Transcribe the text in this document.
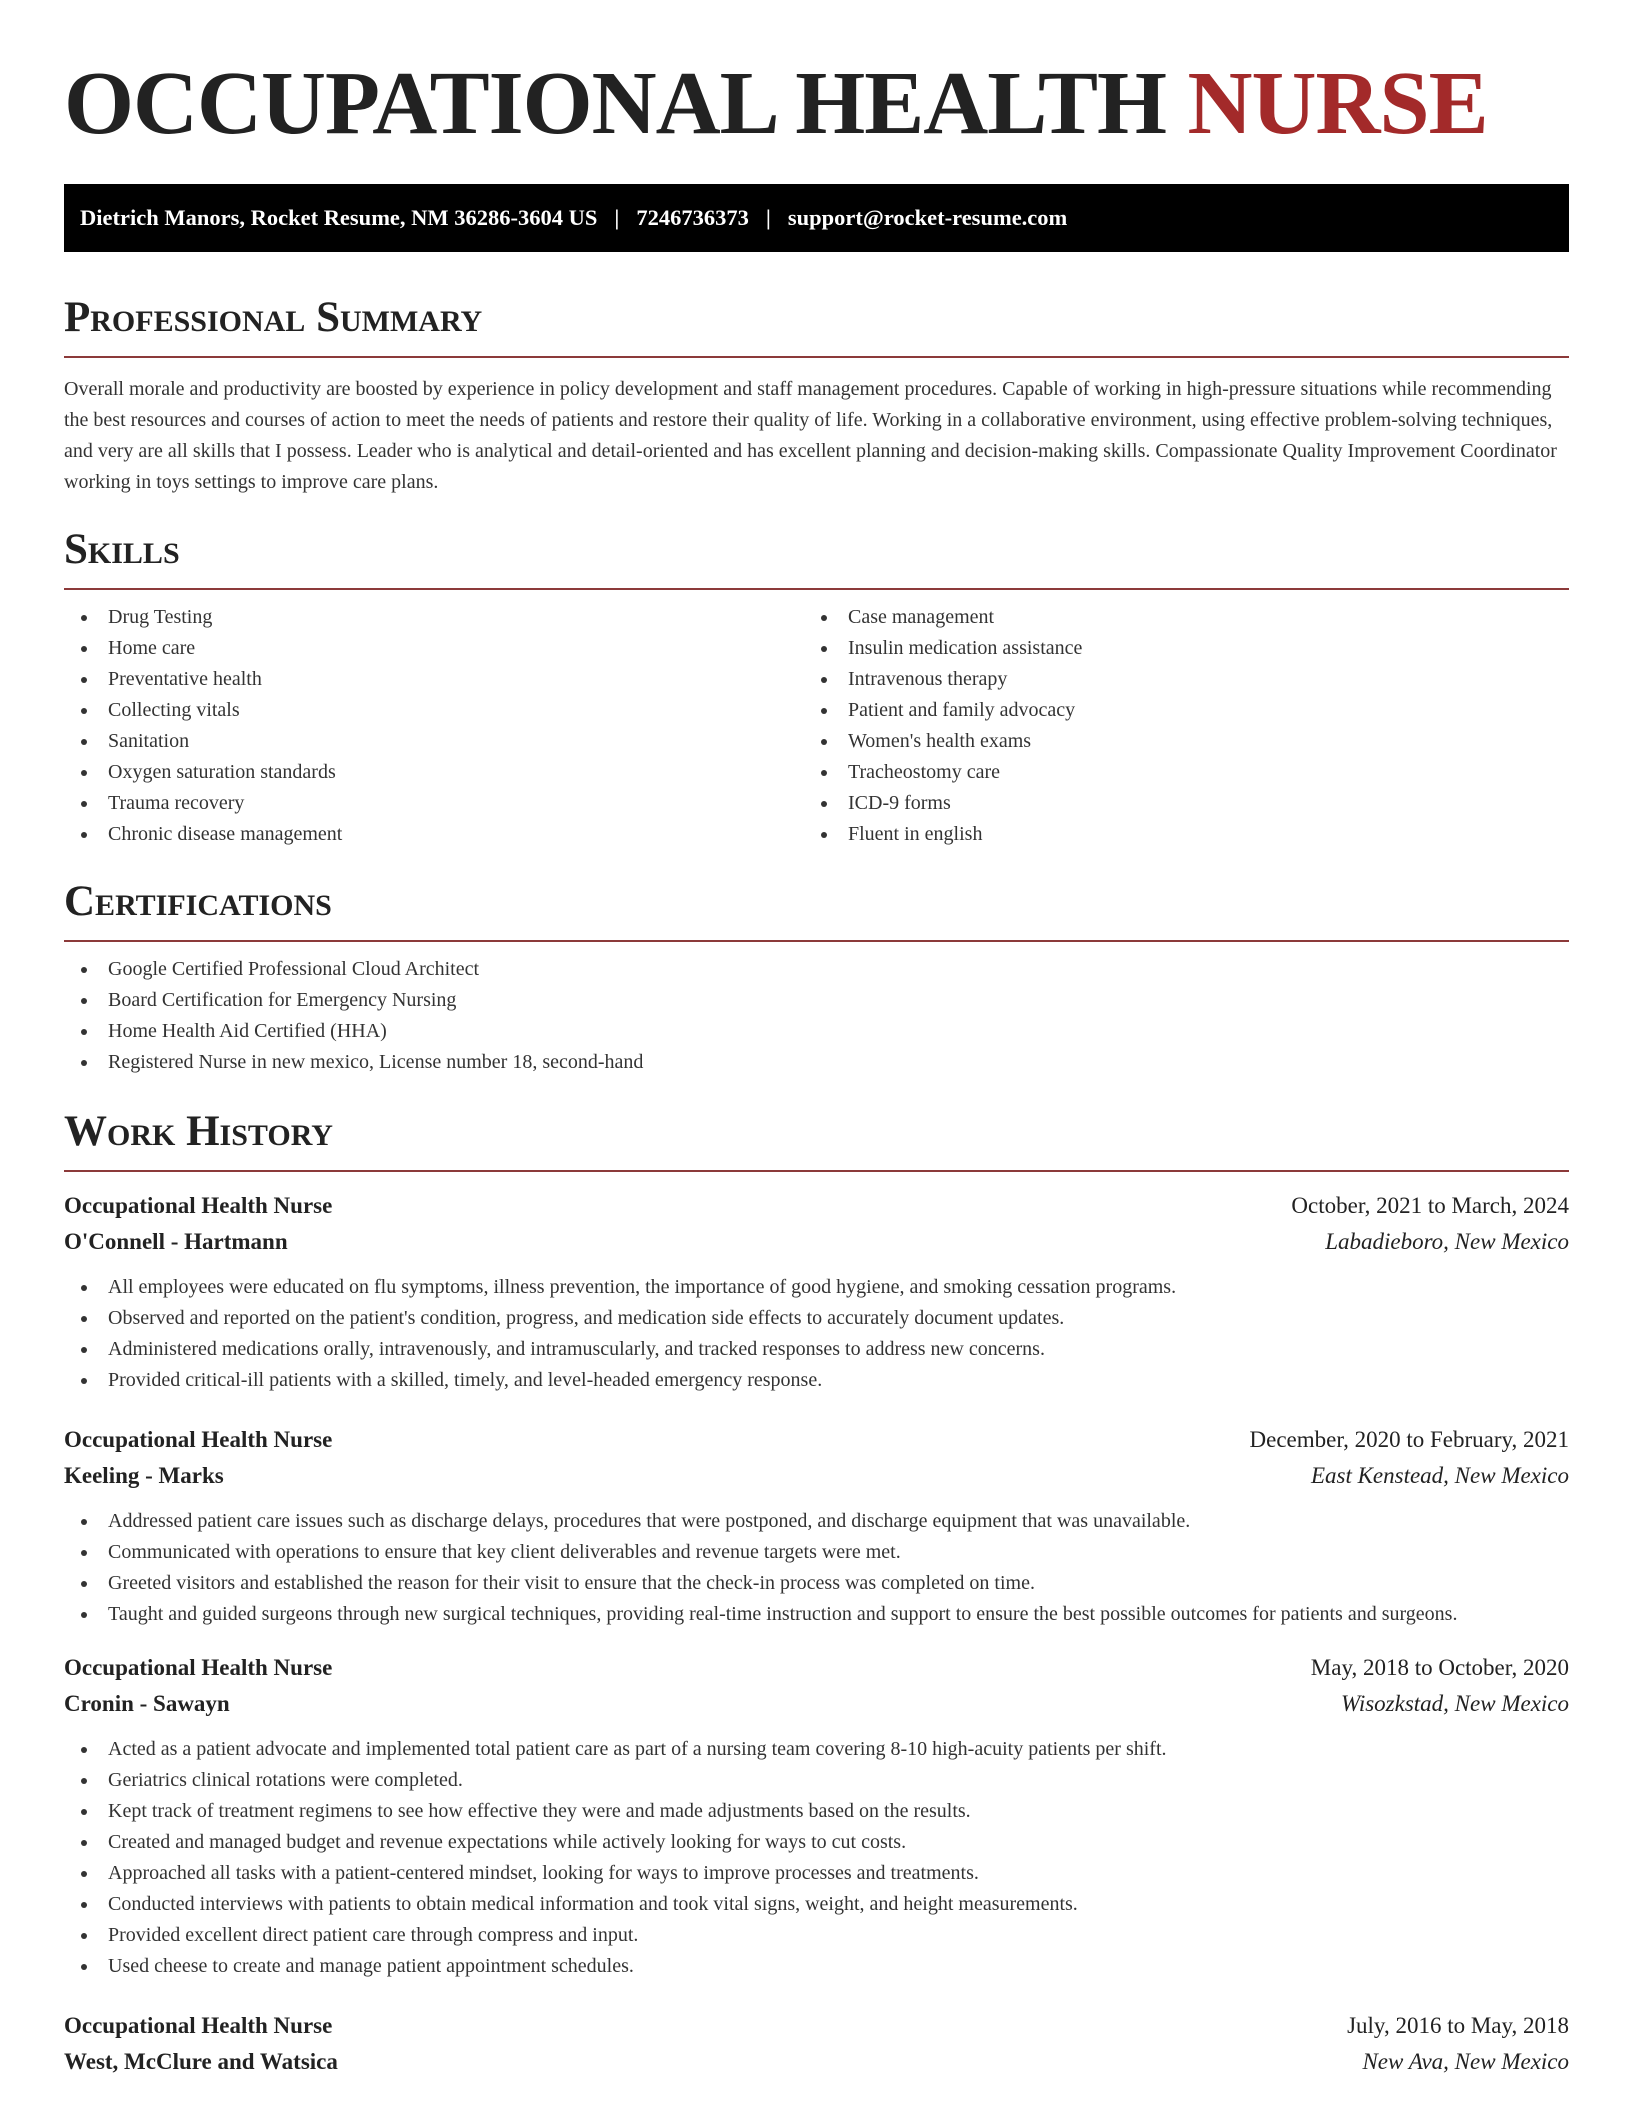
OCCUPATIONAL HEALTH NURSE
Dietrich Manors, Rocket Resume, NM 36286-3604 US | 7246736373 | support@rocket-resume.com
Professional Summary

Overall morale and productivity are boosted by experience in policy development and staff management procedures. Capable of working in high-pressure situations while recommending the best resources and courses of action to meet the needs of patients and restore their quality of life. Working in a collaborative environment, using effective problem-solving techniques, and very are all skills that I possess. Leader who is analytical and detail-oriented and has excellent planning and decision-making skills. Compassionate Quality Improvement Coordinator working in toys settings to improve care plans.

Skills
Drug Testing
Home care
Preventative health
Collecting vitals
Sanitation
Oxygen saturation standards
Trauma recovery
Chronic disease management
Case management
Insulin medication assistance
Intravenous therapy
Patient and family advocacy
Women's health exams
Tracheostomy care
ICD-9 forms
Fluent in english
Certifications
Google Certified Professional Cloud Architect
Board Certification for Emergency Nursing
Home Health Aid Certified (HHA)
Registered Nurse in new mexico, License number 18, second-hand
Work History
Occupational Health Nurse	October, 2021 to March, 2024
O'Connell - Hartmann	Labadieboro, New Mexico
All employees were educated on flu symptoms, illness prevention, the importance of good hygiene, and smoking cessation programs.
Observed and reported on the patient's condition, progress, and medication side effects to accurately document updates.
Administered medications orally, intravenously, and intramuscularly, and tracked responses to address new concerns.
Provided critical-ill patients with a skilled, timely, and level-headed emergency response.
Occupational Health Nurse	December, 2020 to February, 2021
Keeling - Marks	East Kenstead, New Mexico
Addressed patient care issues such as discharge delays, procedures that were postponed, and discharge equipment that was unavailable.
Communicated with operations to ensure that key client deliverables and revenue targets were met.
Greeted visitors and established the reason for their visit to ensure that the check-in process was completed on time.
Taught and guided surgeons through new surgical techniques, providing real-time instruction and support to ensure the best possible outcomes for patients and surgeons.
Occupational Health Nurse	May, 2018 to October, 2020
Cronin - Sawayn	Wisozkstad, New Mexico
Acted as a patient advocate and implemented total patient care as part of a nursing team covering 8-10 high-acuity patients per shift.
Geriatrics clinical rotations were completed.
Kept track of treatment regimens to see how effective they were and made adjustments based on the results.
Created and managed budget and revenue expectations while actively looking for ways to cut costs.
Approached all tasks with a patient-centered mindset, looking for ways to improve processes and treatments.
Conducted interviews with patients to obtain medical information and took vital signs, weight, and height measurements.
Provided excellent direct patient care through compress and input.
Used cheese to create and manage patient appointment schedules.
Occupational Health Nurse	July, 2016 to May, 2018
West, McClure and Watsica	New Ava, New Mexico
